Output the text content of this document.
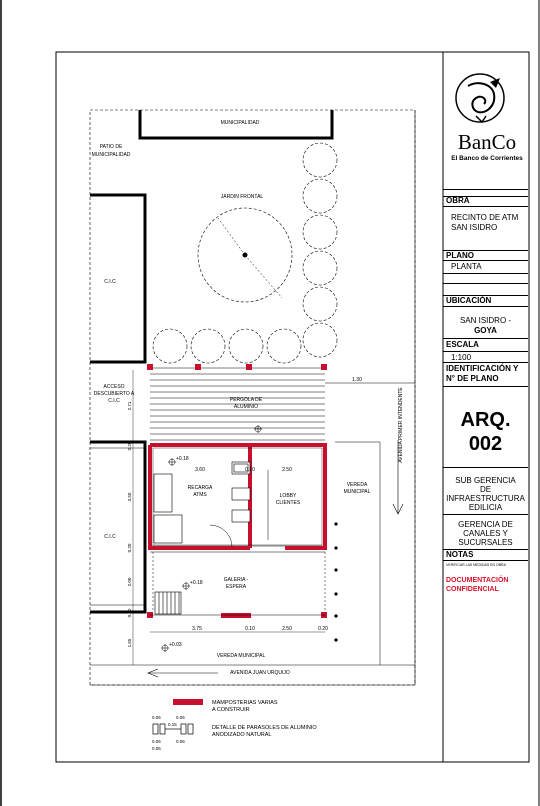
MUNICIPALIDAD
PATIO DE
MUNICIPALIDAD
C.I.C
JARDIN FRONTAL
ACCESO
DESCUBIERTO A
C.I.C	PERGOLA DE
ALUMINIO
C.I.C
RECARGA
ATMS	LOBBY
CLIENTES
3.60	0.10	2.50
GALERIA -
ESPERA
+0.18
+0.18
+0.03
VEREDA
MUNICIPAL
1.30
AVENIDA PRIMER INTENDENTE
3.75	0.10	2.50	0.20
2.71
0.20
3.50
0.20
2.00
0.20
1.65
VEREDA MUNICIPAL
AVENIDA JUAN URQUIJO
MAMPOSTERIAS VARIAS
A CONSTRUIR
0.05	0.05
0.15
0.05	0.06
0.05
DETALLE DE PARASOLES DE ALUMINIO
ANODIZADO NATURAL
BanCo
El Banco de Corrientes
OBRA
RECINTO DE ATM
SAN ISIDRO
PLANO
PLANTA
UBICACIÓN
SAN ISIDRO -
GOYA
ESCALA
1:100
IDENTIFICACIÓN Y
N° DE PLANO
ARQ.
002
SUB GERENCIA
DE
INFRAESTRUCTURA
EDILICIA
GERENCIA DE
CANALES Y
SUCURSALES
NOTAS
VERIFICAR LAS MEDIDAS EN OBRA
DOCUMENTACIÓN
CONFIDENCIAL
